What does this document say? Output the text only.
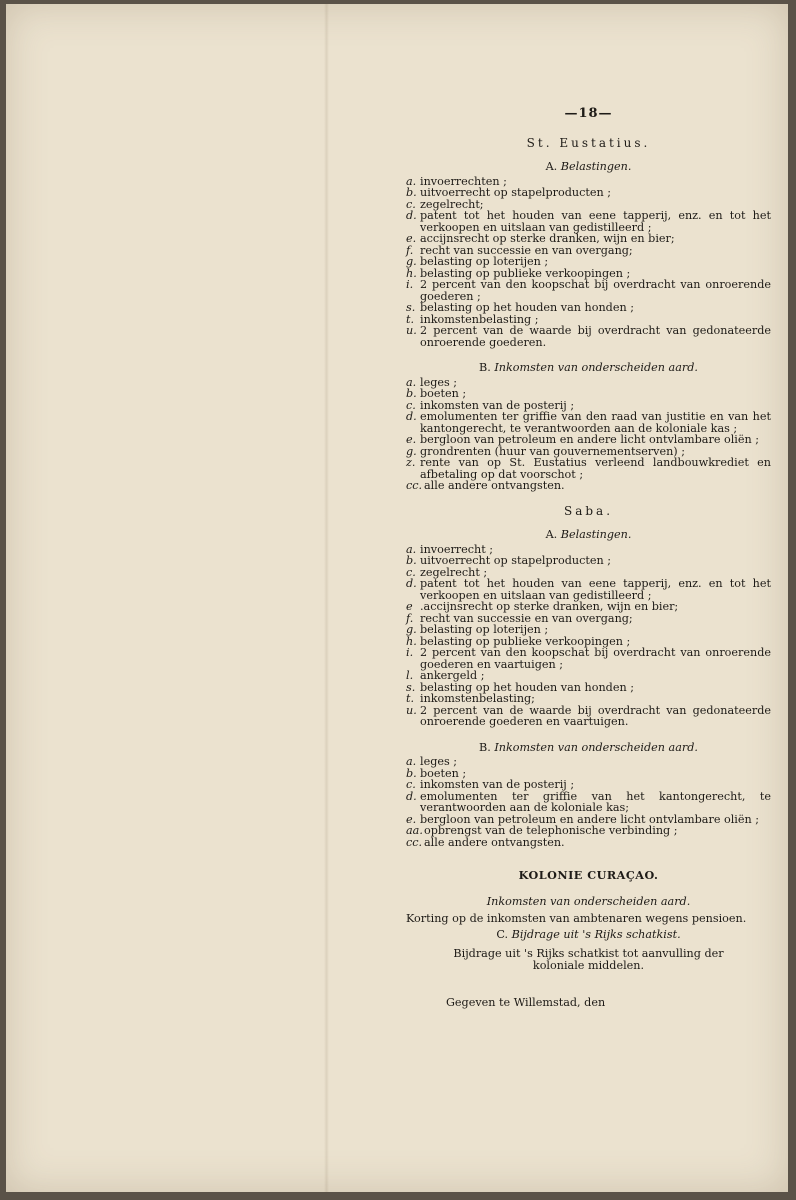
—18—
St. Eustatius.
A. Belastingen.
a. invoerrechten ;
b. uitvoerrecht op stapelproducten ;
c. zegelrecht;
d. patent tot het houden van eene tapperij, enz. en tot het verkoopen en uitslaan van gedistilleerd ;
e. accijnsrecht op sterke dranken, wijn en bier;
f. recht van successie en van overgang;
g. belasting op loterijen ;
h. belasting op publieke verkoopingen ;
i. 2 percent van den koopschat bij overdracht van onroerende goederen ;
s. belasting op het houden van honden ;
t. inkomstenbelasting ;
u. 2 percent van de waarde bij overdracht van gedonateerde onroerende goederen.
B. Inkomsten van onderscheiden aard.
a. leges ;
b. boeten ;
c. inkomsten van de posterij ;
d. emolumenten ter griffie van den raad van justitie en van het kantongerecht, te verantwoorden aan de koloniale kas ;
e. bergloon van petroleum en andere licht ontvlambare oliën ;
g. grondrenten (huur van gouvernementserven) ;
z. rente van op St. Eustatius verleend landbouwkrediet en afbetaling op dat voorschot ;
cc. alle andere ontvangsten.
Saba.
A. Belastingen.
a. invoerrecht ;
b. uitvoerrecht op stapelproducten ;
c. zegelrecht ;
d. patent tot het houden van eene tapperij, enz. en tot het verkoopen en uitslaan van gedistilleerd ;
e .accijnsrecht op sterke dranken, wijn en bier;
f. recht van successie en van overgang;
g. belasting op loterijen ;
h. belasting op publieke verkoopingen ;
i. 2 percent van den koopschat bij overdracht van onroerende goederen en vaartuigen ;
l. ankergeld ;
s. belasting op het houden van honden ;
t. inkomstenbelasting;
u. 2 percent van de waarde bij overdracht van gedonateerde onroerende goederen en vaartuigen.
B. Inkomsten van onderscheiden aard.
a. leges ;
b. boeten ;
c. inkomsten van de posterij ;
d. emolumenten ter griffie van het kantongerecht, te verantwoorden aan de koloniale kas;
e. bergloon van petroleum en andere licht ontvlambare oliën ;
aa. opbrengst van de telephonische verbinding ;
cc. alle andere ontvangsten.
KOLONIE CURAÇAO.
Inkomsten van onderscheiden aard.
Korting op de inkomsten van ambtenaren wegens pensioen.
C. Bijdrage uit 's Rijks schatkist.
Bijdrage uit 's Rijks schatkist tot aanvulling der koloniale middelen.
Gegeven te Willemstad, den
